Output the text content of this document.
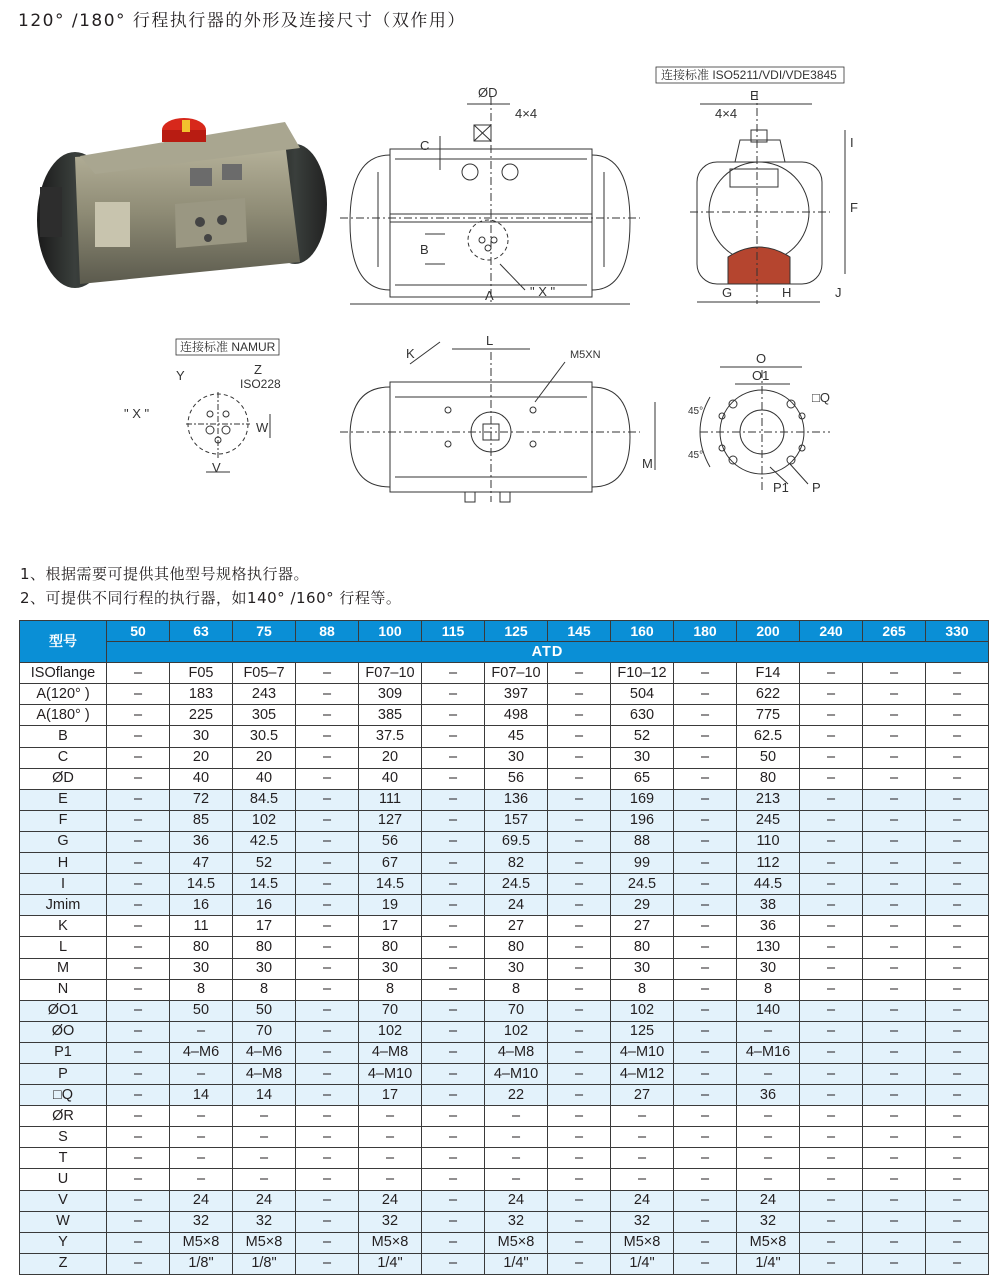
120° /180° 行程执行器的外形及连接尺寸（双作用）
ØD
4×4
C
B
A	" X "
连接标准 ISO5211/VDI/VDE3845
E
4×4
I
F
G	H	J
连接标准 NAMUR
" X "
Y	Z
ISO228
W
V
L
K	M5XN
M
O
O1
□Q
45°
45°
P1 P
1、根据需要可提供其他型号规格执行器。
2、可提供不同行程的执行器，如140° /160° 行程等。
型号	50	63	75	88	100	115	125	145	160	180	200	240	265	330
	ATD													
ISOflange	–	F05	F05–7	–	F07–10	–	F07–10	–	F10–12	–	F14	–	–	–
A(120° )	–	183	243	–	309	–	397	–	504	–	622	–	–	–
A(180° )	–	225	305	–	385	–	498	–	630	–	775	–	–	–
B	–	30	30.5	–	37.5	–	45	–	52	–	62.5	–	–	–
C	–	20	20	–	20	–	30	–	30	–	50	–	–	–
ØD	–	40	40	–	40	–	56	–	65	–	80	–	–	–
E	–	72	84.5	–	111	–	136	–	169	–	213	–	–	–
F	–	85	102	–	127	–	157	–	196	–	245	–	–	–
G	–	36	42.5	–	56	–	69.5	–	88	–	110	–	–	–
H	–	47	52	–	67	–	82	–	99	–	112	–	–	–
I	–	14.5	14.5	–	14.5	–	24.5	–	24.5	–	44.5	–	–	–
Jmim	–	16	16	–	19	–	24	–	29	–	38	–	–	–
K	–	11	17	–	17	–	27	–	27	–	36	–	–	–
L	–	80	80	–	80	–	80	–	80	–	130	–	–	–
M	–	30	30	–	30	–	30	–	30	–	30	–	–	–
N	–	8	8	–	8	–	8	–	8	–	8	–	–	–
ØO1	–	50	50	–	70	–	70	–	102	–	140	–	–	–
ØO	–	–	70	–	102	–	102	–	125	–	–	–	–	–
P1	–	4–M6	4–M6	–	4–M8	–	4–M8	–	4–M10	–	4–M16	–	–	–
P	–	–	4–M8	–	4–M10	–	4–M10	–	4–M12	–	–	–	–	–
□Q	–	14	14	–	17	–	22	–	27	–	36	–	–	–
ØR	–	–	–	–	–	–	–	–	–	–	–	–	–	–
S	–	–	–	–	–	–	–	–	–	–	–	–	–	–
T	–	–	–	–	–	–	–	–	–	–	–	–	–	–
U	–	–	–	–	–	–	–	–	–	–	–	–	–	–
V	–	24	24	–	24	–	24	–	24	–	24	–	–	–
W	–	32	32	–	32	–	32	–	32	–	32	–	–	–
Y	–	M5×8	M5×8	–	M5×8	–	M5×8	–	M5×8	–	M5×8	–	–	–
Z	–	1/8"	1/8"	–	1/4"	–	1/4"	–	1/4"	–	1/4"	–	–	–
